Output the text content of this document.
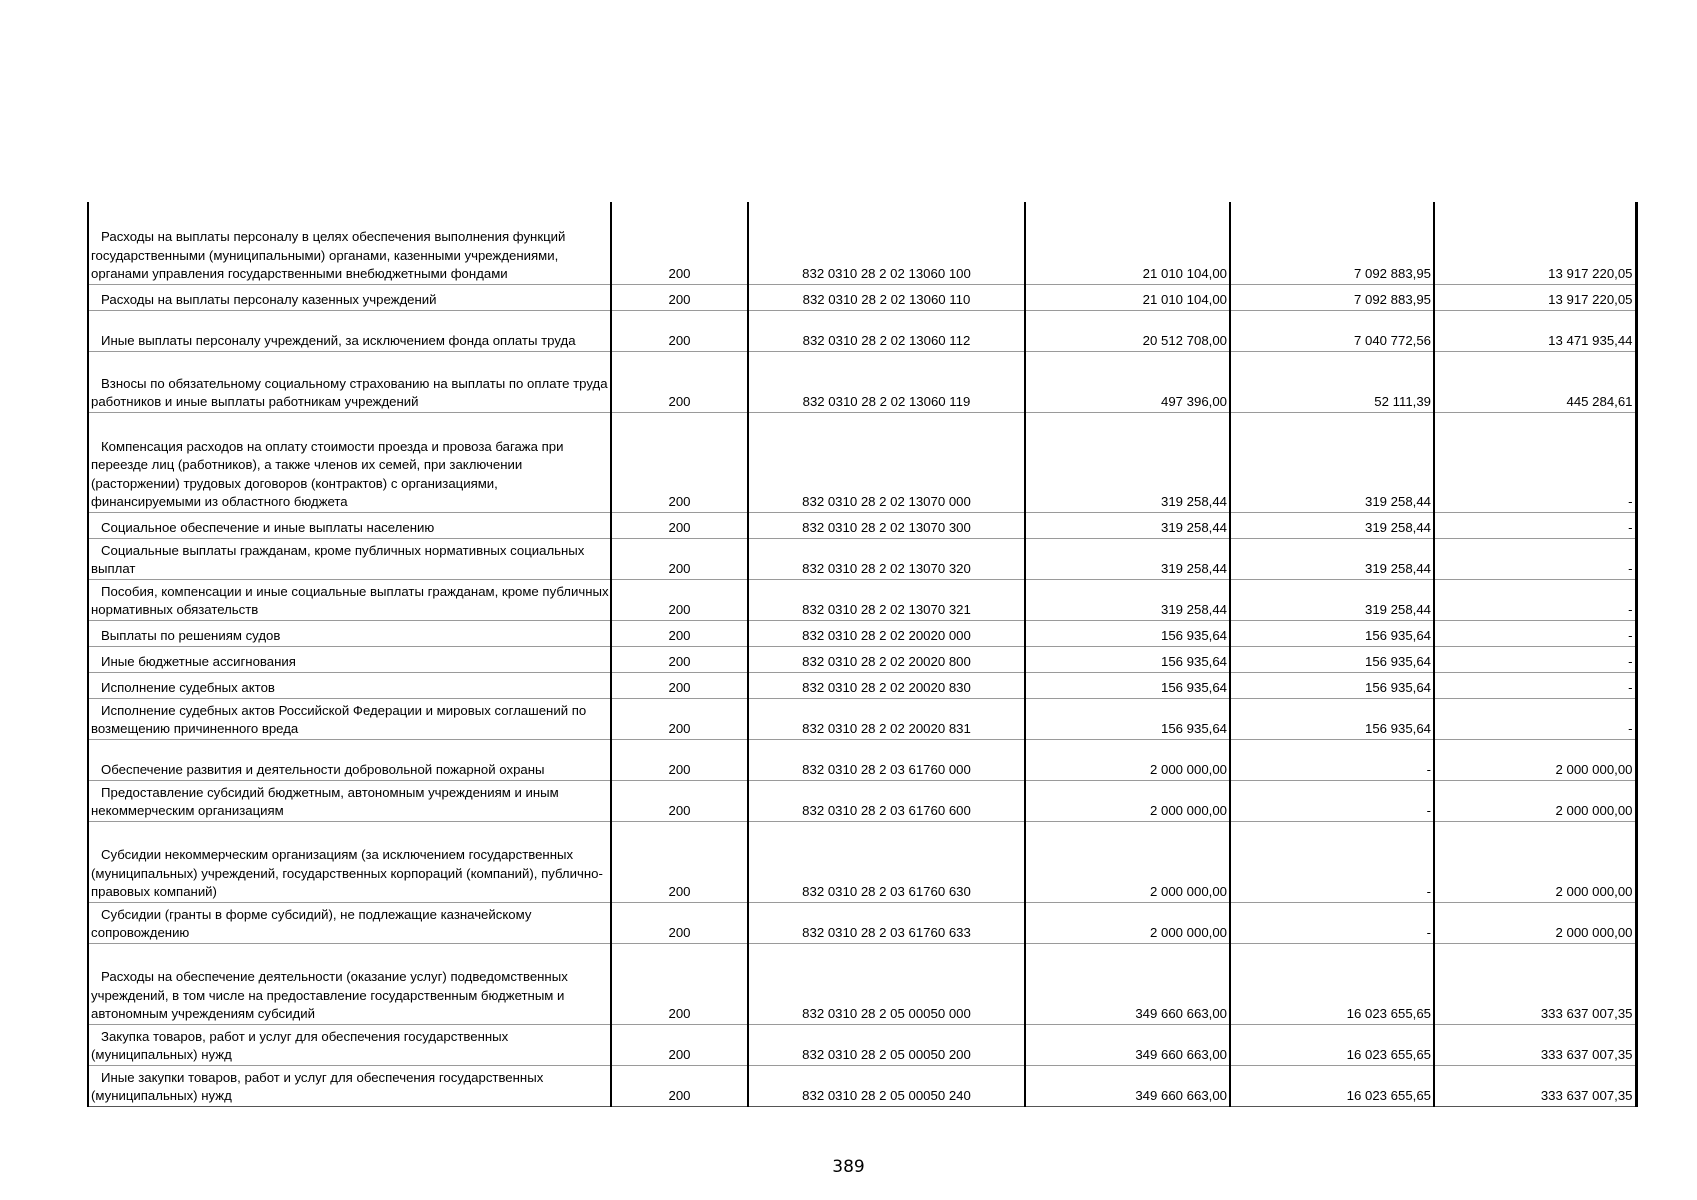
Расходы на выплаты персоналу в целях обеспечения выполнения функций государственными (муниципальными) органами, казенными учреждениями, органами управления государственными внебюджетными фондами	200	832 0310 28 2 02 13060 100	21 010 104,00	7 092 883,95	13 917 220,05
Расходы на выплаты персоналу казенных учреждений	200	832 0310 28 2 02 13060 110	21 010 104,00	7 092 883,95	13 917 220,05
Иные выплаты персоналу учреждений, за исключением фонда оплаты труда	200	832 0310 28 2 02 13060 112	20 512 708,00	7 040 772,56	13 471 935,44
Взносы по обязательному социальному страхованию на выплаты по оплате труда работников и иные выплаты работникам учреждений	200	832 0310 28 2 02 13060 119	497 396,00	52 111,39	445 284,61
Компенсация расходов на оплату стоимости проезда и провоза багажа при переезде лиц (работников), а также членов их семей, при заключении (расторжении) трудовых договоров (контрактов) с организациями, финансируемыми из областного бюджета	200	832 0310 28 2 02 13070 000	319 258,44	319 258,44	-
Социальное обеспечение и иные выплаты населению	200	832 0310 28 2 02 13070 300	319 258,44	319 258,44	-
Социальные выплаты гражданам, кроме публичных нормативных социальных выплат	200	832 0310 28 2 02 13070 320	319 258,44	319 258,44	-
Пособия, компенсации и иные социальные выплаты гражданам, кроме публичных нормативных обязательств	200	832 0310 28 2 02 13070 321	319 258,44	319 258,44	-
Выплаты по решениям судов	200	832 0310 28 2 02 20020 000	156 935,64	156 935,64	-
Иные бюджетные ассигнования	200	832 0310 28 2 02 20020 800	156 935,64	156 935,64	-
Исполнение судебных актов	200	832 0310 28 2 02 20020 830	156 935,64	156 935,64	-
Исполнение судебных актов Российской Федерации и мировых соглашений по возмещению причиненного вреда	200	832 0310 28 2 02 20020 831	156 935,64	156 935,64	-
Обеспечение развития и деятельности добровольной пожарной охраны	200	832 0310 28 2 03 61760 000	2 000 000,00	-	2 000 000,00
Предоставление субсидий бюджетным, автономным учреждениям и иным некоммерческим организациям	200	832 0310 28 2 03 61760 600	2 000 000,00	-	2 000 000,00
Субсидии некоммерческим организациям (за исключением государственных (муниципальных) учреждений, государственных корпораций (компаний), публично-правовых компаний)	200	832 0310 28 2 03 61760 630	2 000 000,00	-	2 000 000,00
Субсидии (гранты в форме субсидий), не подлежащие казначейскому сопровождению	200	832 0310 28 2 03 61760 633	2 000 000,00	-	2 000 000,00
Расходы на обеспечение деятельности (оказание услуг) подведомственных учреждений, в том числе на предоставление государственным бюджетным и автономным учреждениям субсидий	200	832 0310 28 2 05 00050 000	349 660 663,00	16 023 655,65	333 637 007,35
Закупка товаров, работ и услуг для обеспечения государственных (муниципальных) нужд	200	832 0310 28 2 05 00050 200	349 660 663,00	16 023 655,65	333 637 007,35
Иные закупки товаров, работ и услуг для обеспечения государственных (муниципальных) нужд	200	832 0310 28 2 05 00050 240	349 660 663,00	16 023 655,65	333 637 007,35
389
